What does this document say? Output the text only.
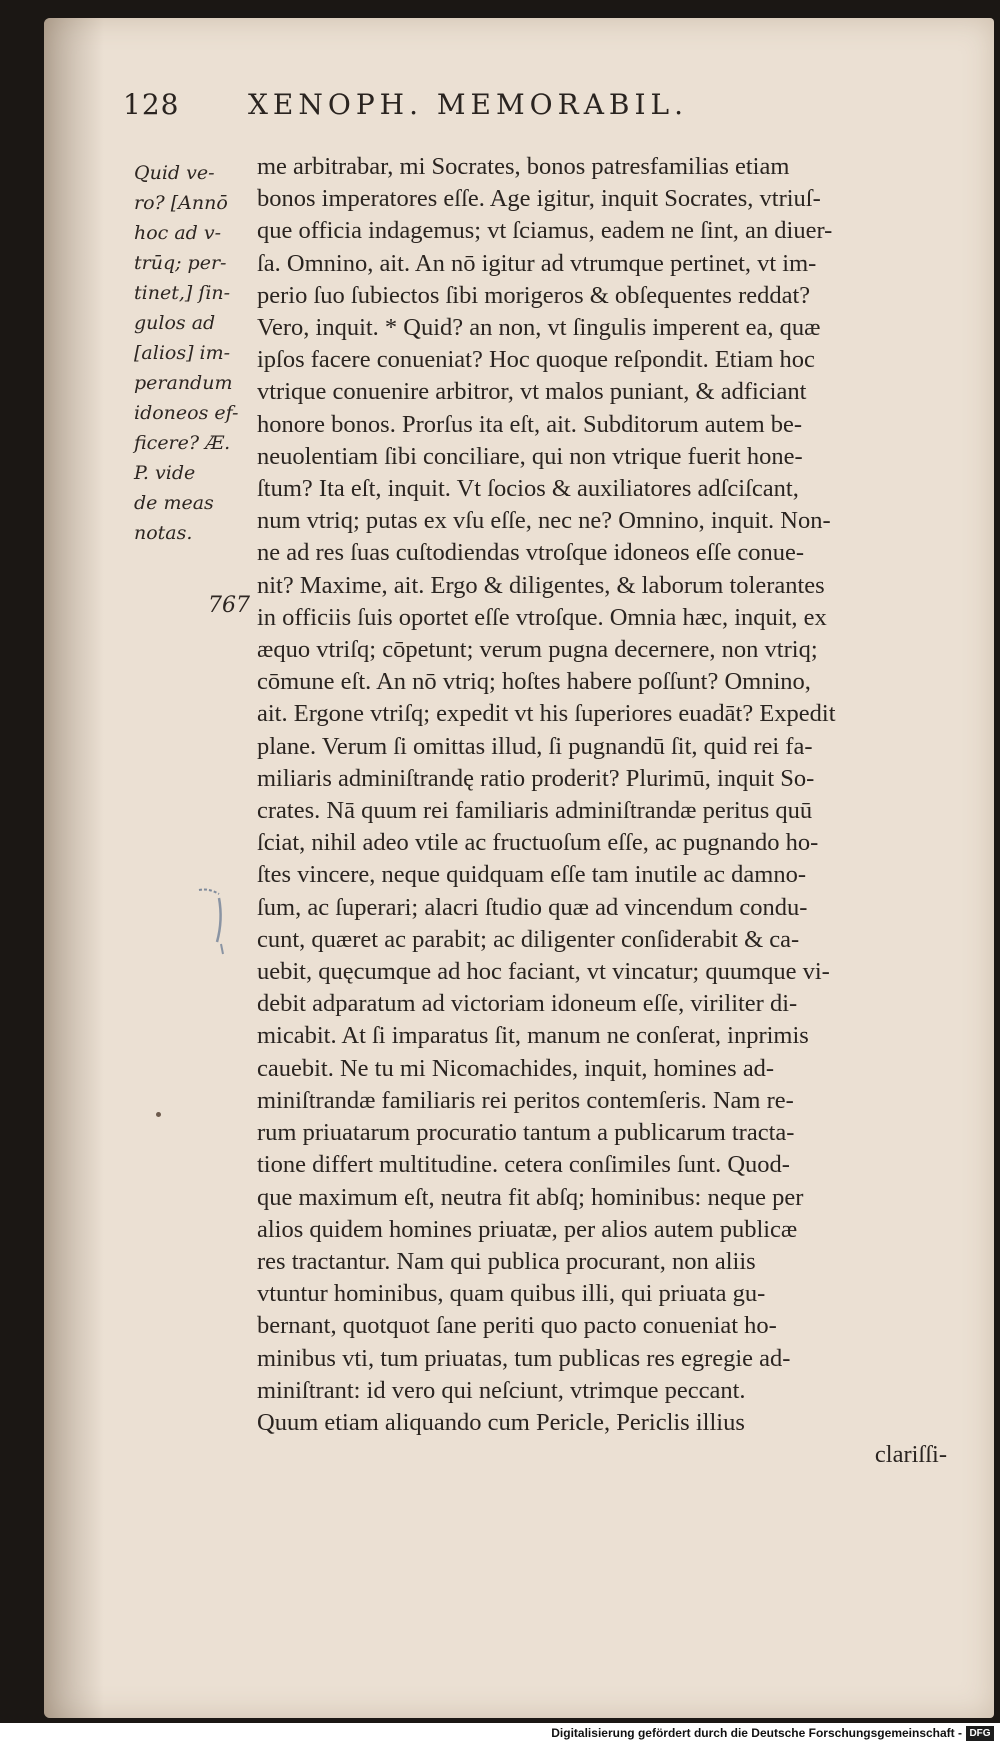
128 XENOPH. MEMORABIL.
Quid ve-
ro? [Annō
hoc ad v-
trūq; per-
tinet,] ſin-
gulos ad
[alios] im-
perandum
idoneos ef-
ficere? Æ.
P. vide
de meas
notas.
767
me arbitrabar, mi Socrates, bonos patresfamilias etiam
bonos imperatores eſſe. Age igitur, inquit Socrates, vtriuſ-
que officia indagemus; vt ſciamus, eadem ne ſint, an diuer-
ſa. Omnino, ait. An nō igitur ad vtrumque pertinet, vt im-
perio ſuo ſubiectos ſibi morigeros & obſequentes reddat?
Vero, inquit. * Quid? an non, vt ſingulis imperent ea, quæ
ipſos facere conueniat? Hoc quoque reſpondit. Etiam hoc
vtrique conuenire arbitror, vt malos puniant, & adficiant
honore bonos. Prorſus ita eſt, ait. Subditorum autem be-
neuolentiam ſibi conciliare, qui non vtrique fuerit hone-
ſtum? Ita eſt, inquit. Vt ſocios & auxiliatores adſciſcant,
num vtriq; putas ex vſu eſſe, nec ne? Omnino, inquit. Non-
ne ad res ſuas cuſtodiendas vtroſque idoneos eſſe conue-
nit? Maxime, ait. Ergo & diligentes, & laborum tolerantes
in officiis ſuis oportet eſſe vtroſque. Omnia hæc, inquit, ex
æquo vtriſq; cōpetunt; verum pugna decernere, non vtriq;
cōmune eſt. An nō vtriq; hoſtes habere poſſunt? Omnino,
ait. Ergone vtriſq; expedit vt his ſuperiores euadāt? Expedit
plane. Verum ſi omittas illud, ſi pugnandū ſit, quid rei fa-
miliaris adminiſtrandę ratio proderit? Plurimū, inquit So-
crates. Nā quum rei familiaris adminiſtrandæ peritus quū
ſciat, nihil adeo vtile ac fructuoſum eſſe, ac pugnando ho-
ſtes vincere, neque quidquam eſſe tam inutile ac damno-
ſum, ac ſuperari; alacri ſtudio quæ ad vincendum condu-
cunt, quæret ac parabit; ac diligenter conſiderabit & ca-
uebit, quęcumque ad hoc faciant, vt vincatur; quumque vi-
debit adparatum ad victoriam idoneum eſſe, viriliter di-
micabit. At ſi imparatus ſit, manum ne conſerat, inprimis
cauebit. Ne tu mi Nicomachides, inquit, homines ad-
miniſtrandæ familiaris rei peritos contemſeris. Nam re-
rum priuatarum procuratio tantum a publicarum tracta-
tione differt multitudine. cetera conſimiles ſunt. Quod-
que maximum eſt, neutra fit abſq; hominibus: neque per
alios quidem homines priuatæ, per alios autem publicæ
res tractantur. Nam qui publica procurant, non aliis
vtuntur hominibus, quam quibus illi, qui priuata gu-
bernant, quotquot ſane periti quo pacto conueniat ho-
minibus vti, tum priuatas, tum publicas res egregie ad-
miniſtrant: id vero qui neſciunt, vtrimque peccant.
Quum etiam aliquando cum Pericle, Periclis illius
clariſſi-
Digitalisierung gefördert durch die Deutsche Forschungsgemeinschaft - DFG
